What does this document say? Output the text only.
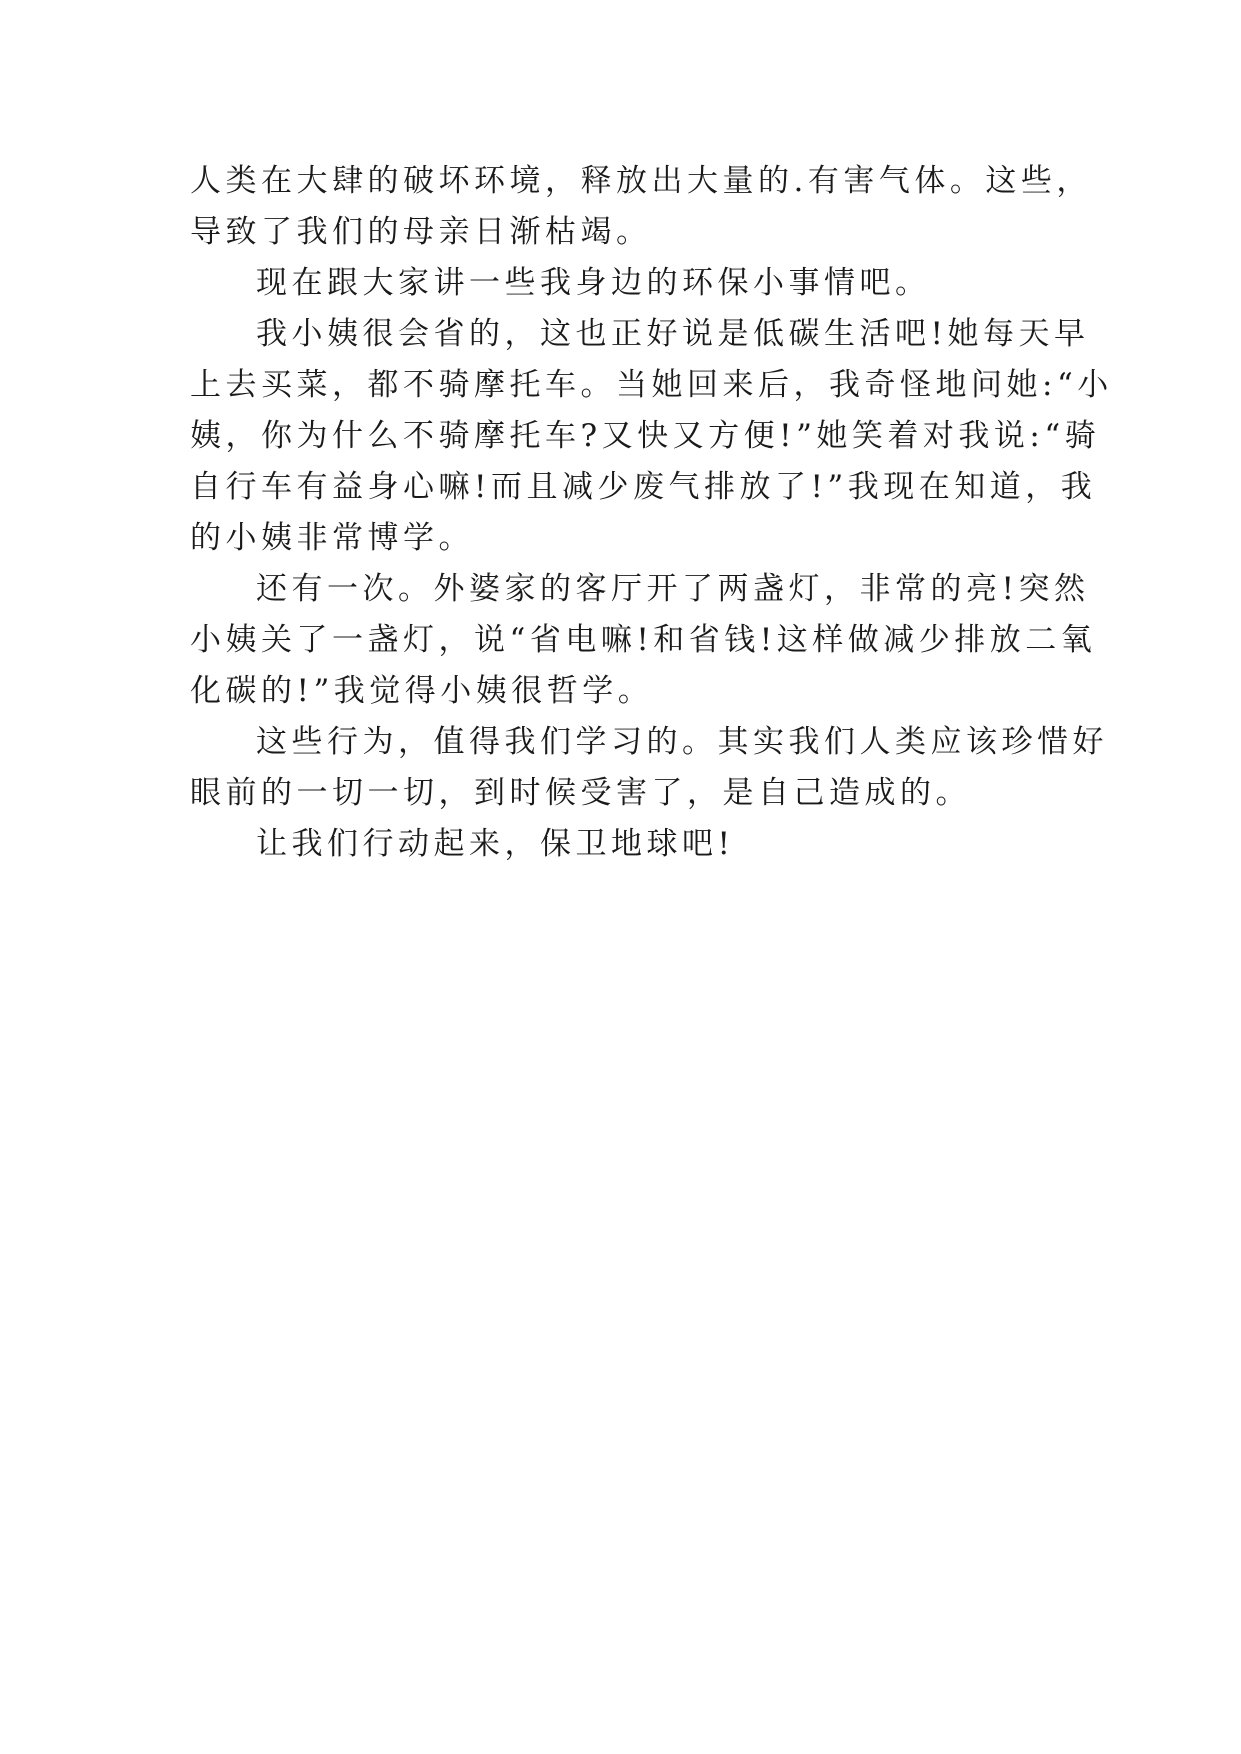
人类在大肆的破坏环境，释放出大量的.有害气体。这些，
导致了我们的母亲日渐枯竭。

现在跟大家讲一些我身边的环保小事情吧。

我小姨很会省的，这也正好说是低碳生活吧!她每天早
上去买菜，都不骑摩托车。当她回来后，我奇怪地问她:“小
姨，你为什么不骑摩托车?又快又方便!”她笑着对我说:“骑
自行车有益身心嘛!而且减少废气排放了!”我现在知道，我
的小姨非常博学。

还有一次。外婆家的客厅开了两盏灯，非常的亮!突然
小姨关了一盏灯，说“省电嘛!和省钱!这样做减少排放二氧
化碳的!”我觉得小姨很哲学。

这些行为，值得我们学习的。其实我们人类应该珍惜好
眼前的一切一切，到时候受害了，是自己造成的。

让我们行动起来，保卫地球吧!
